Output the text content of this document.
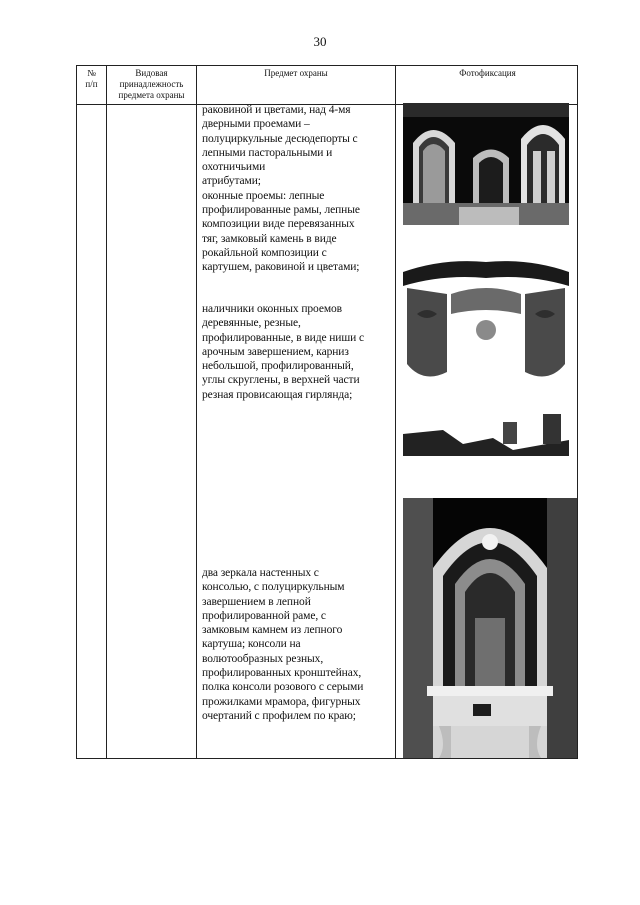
30
№
п/п
Видовая
принадлежность
предмета охраны
Предмет охраны	Фотофиксация
раковиной и цветами, над 4-мя
дверными проемами –
полуциркульные десюдепорты с
лепными пасторальными и
охотничьими
атрибутами;
оконные проемы: лепные
профилированные рамы, лепные
композиции виде перевязанных
тяг, замковый камень в виде
рокайльной композиции с
картушем, раковиной и цветами;
наличники оконных проемов
деревянные, резные,
профилированные, в виде ниши с
арочным завершением, карниз
небольшой, профилированный,
углы скруглены, в верхней части
резная провисающая гирлянда;
два зеркала настенных с
консолью, с полуциркульным
завершением в лепной
профилированной раме, с
замковым камнем из лепного
картуша; консоли на
волютообразных резных,
профилированных кронштейнах,
полка консоли розового с серыми
прожилками мрамора, фигурных
очертаний с профилем по краю;
